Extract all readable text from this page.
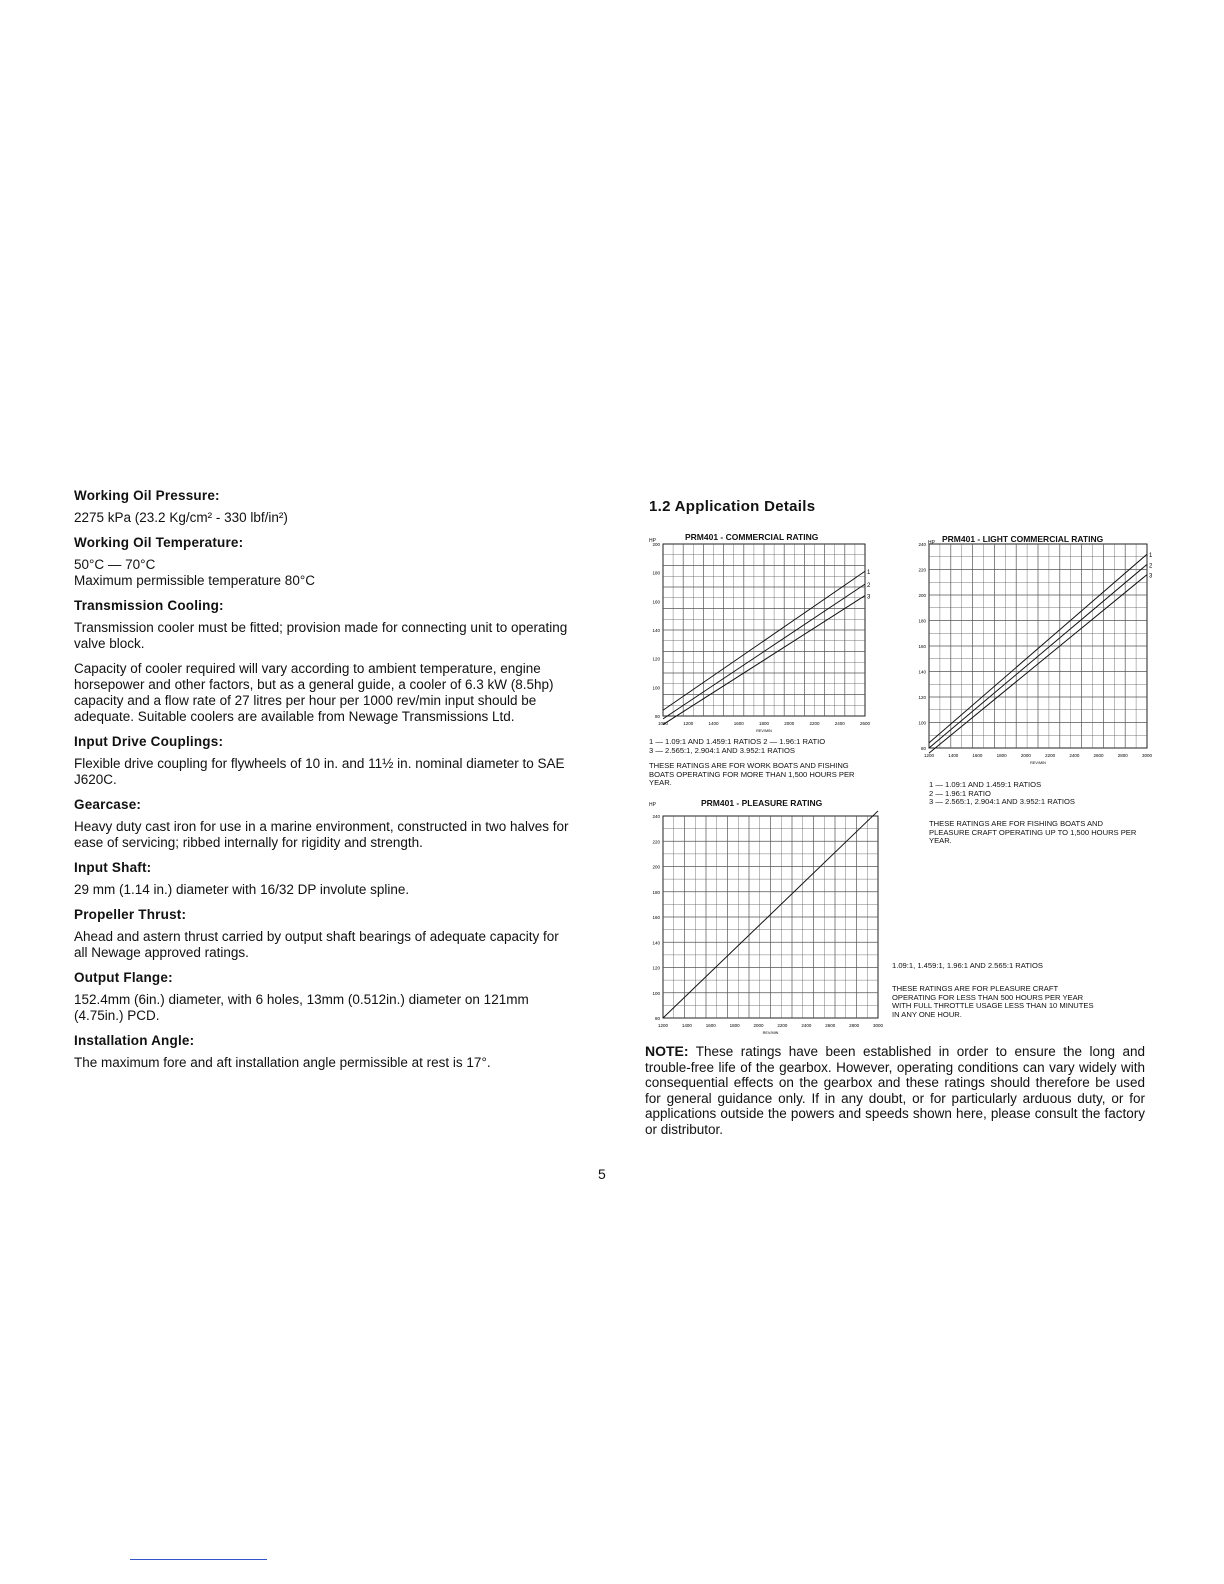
Working Oil Pressure:
2275 kPa (23.2 Kg/cm² - 330 lbf/in²)
Working Oil Temperature:
50°C — 70°C
Maximum permissible temperature 80°C
Transmission Cooling:
Transmission cooler must be fitted; provision made for connecting unit to operating valve block.
Capacity of cooler required will vary according to ambient temperature, engine horsepower and other factors, but as a general guide, a cooler of 6.3 kW (8.5hp) capacity and a flow rate of 27 litres per hour per 1000 rev/min input should be adequate. Suitable coolers are available from Newage Transmissions Ltd.
Input Drive Couplings:
Flexible drive coupling for flywheels of 10 in. and 11½ in. nominal diameter to SAE J620C.
Gearcase:
Heavy duty cast iron for use in a marine environment, constructed in two halves for ease of servicing; ribbed internally for rigidity and strength.
Input Shaft:
29 mm (1.14 in.) diameter with 16/32 DP involute spline.
Propeller Thrust:
Ahead and astern thrust carried by output shaft bearings of adequate capacity for all Newage approved ratings.
Output Flange:
152.4mm (6in.) diameter, with 6 holes, 13mm (0.512in.) diameter on 121mm (4.75in.) PCD.
Installation Angle:
The maximum fore and aft installation angle permissible at rest is 17°.
1.2 Application Details
PRM401 - COMMERCIAL RATING
HP
1
2
3
200
180
160
140
120
100
80
1000	1200	1400	1600	1800	2000	2200	2400	2600
REV/MIN
1 — 1.09:1 AND 1.459:1 RATIOS 2 — 1.96:1 RATIO
3 — 2.565:1, 2.904:1 AND 3.952:1 RATIOS
THESE RATINGS ARE FOR WORK BOATS AND FISHING BOATS OPERATING FOR MORE THAN 1,500 HOURS PER YEAR.
PRM401 - LIGHT COMMERCIAL RATING
HP
1
2
3
240
220
200
180
160
140
120
100
80
1200	1400	1600	1800	2000	2200	2400	2600	2800	3000
REV/MIN
1 — 1.09:1 AND 1.459:1 RATIOS
2 — 1.96:1 RATIO
3 — 2.565:1, 2.904:1 AND 3.952:1 RATIOS
THESE RATINGS ARE FOR FISHING BOATS AND PLEASURE CRAFT OPERATING UP TO 1,500 HOURS PER YEAR.
PRM401 - PLEASURE RATING
HP
240
220
200
180
160
140
120
100
80
1200	1400	1600	1800	2000	2200	2400	2600	2800	3000
REV/MIN
1.09:1, 1.459:1, 1.96:1 AND 2.565:1 RATIOS
THESE RATINGS ARE FOR PLEASURE CRAFT OPERATING FOR LESS THAN 500 HOURS PER YEAR WITH FULL THROTTLE USAGE LESS THAN 10 MINUTES IN ANY ONE HOUR.
NOTE: These ratings have been established in order to ensure the long and trouble-free life of the gearbox. However, operating conditions can vary widely with consequential effects on the gearbox and these ratings should therefore be used for general guidance only. If in any doubt, or for particularly arduous duty, or for applications outside the powers and speeds shown here, please consult the factory or distributor.
5
